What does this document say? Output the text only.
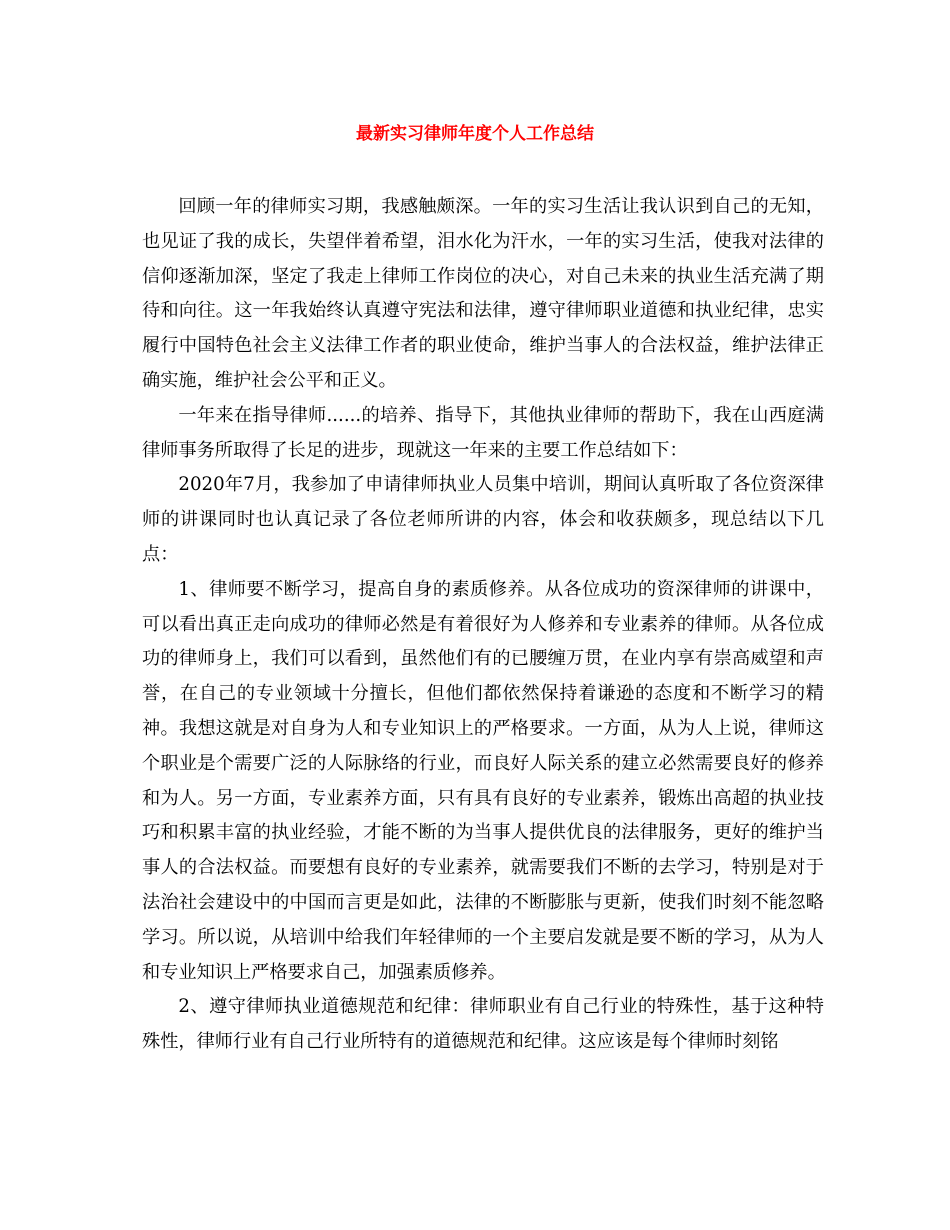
最新实习律师年度个人工作总结

回顾一年的律师实习期，我感触颇深。一年的实习生活让我认识到自己的无知，也见证了我的成长，失望伴着希望，泪水化为汗水，一年的实习生活，使我对法律的信仰逐渐加深，坚定了我走上律师工作岗位的决心，对自己未来的执业生活充满了期待和向往。这一年我始终认真遵守宪法和法律，遵守律师职业道德和执业纪律，忠实履行中国特色社会主义法律工作者的职业使命，维护当事人的合法权益，维护法律正确实施，维护社会公平和正义。

一年来在指导律师......的培养、指导下，其他执业律师的帮助下，我在山西庭满律师事务所取得了长足的进步，现就这一年来的主要工作总结如下：

2020年7月，我参加了申请律师执业人员集中培训，期间认真听取了各位资深律师的讲课同时也认真记录了各位老师所讲的内容，体会和收获颇多，现总结以下几点：

1、律师要不断学习，提高自身的素质修养。从各位成功的资深律师的讲课中，可以看出真正走向成功的律师必然是有着很好为人修养和专业素养的律师。从各位成功的律师身上，我们可以看到，虽然他们有的已腰缠万贯，在业内享有崇高威望和声誉，在自己的专业领域十分擅长，但他们都依然保持着谦逊的态度和不断学习的精神。我想这就是对自身为人和专业知识上的严格要求。一方面，从为人上说，律师这个职业是个需要广泛的人际脉络的行业，而良好人际关系的建立必然需要良好的修养和为人。另一方面，专业素养方面，只有具有良好的专业素养，锻炼出高超的执业技巧和积累丰富的执业经验，才能不断的为当事人提供优良的法律服务，更好的维护当事人的合法权益。而要想有良好的专业素养，就需要我们不断的去学习，特别是对于法治社会建设中的中国而言更是如此，法律的不断膨胀与更新，使我们时刻不能忽略学习。所以说，从培训中给我们年轻律师的一个主要启发就是要不断的学习，从为人和专业知识上严格要求自己，加强素质修养。

2、遵守律师执业道德规范和纪律：律师职业有自己行业的特殊性，基于这种特殊性，律师行业有自己行业所特有的道德规范和纪律。这应该是每个律师时刻铭
